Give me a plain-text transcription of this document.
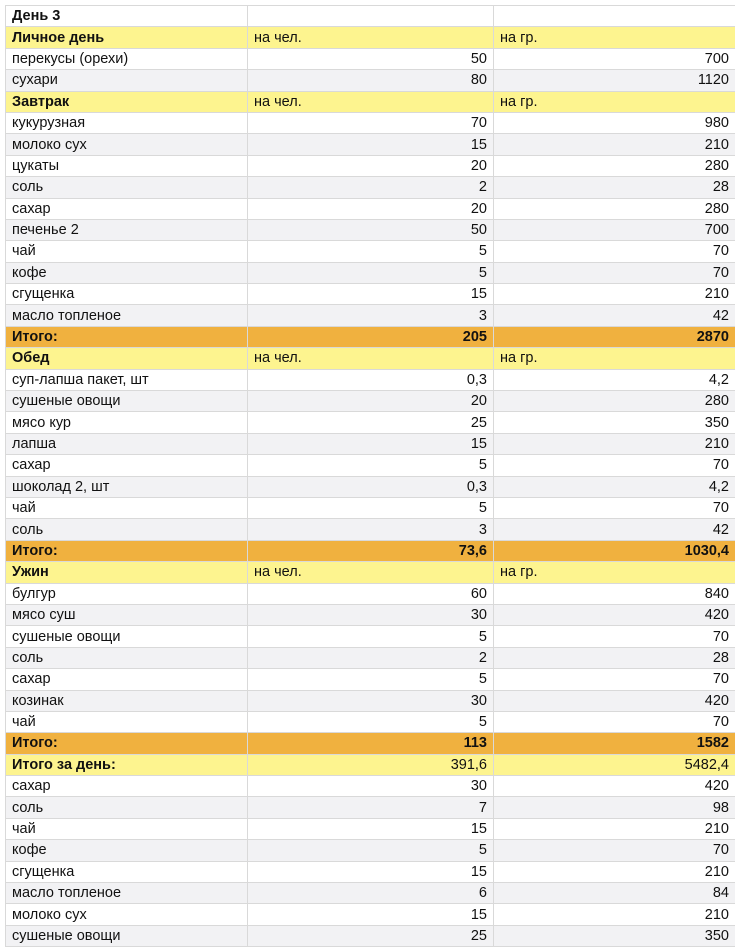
День 3		
Личное день	на чел.	на гр.
перекусы (орехи)	50	700
сухари	80	1120
Завтрак	на чел.	на гр.
кукурузная	70	980
молоко сух	15	210
цукаты	20	280
соль	2	28
сахар	20	280
печенье 2	50	700
чай	5	70
кофе	5	70
сгущенка	15	210
масло топленое	3	42
Итого:	205	2870
Обед	на чел.	на гр.
суп-лапша пакет, шт	0,3	4,2
сушеные овощи	20	280
мясо кур	25	350
лапша	15	210
сахар	5	70
шоколад 2, шт	0,3	4,2
чай	5	70
соль	3	42
Итого:	73,6	1030,4
Ужин	на чел.	на гр.
булгур	60	840
мясо суш	30	420
сушеные овощи	5	70
соль	2	28
сахар	5	70
козинак	30	420
чай	5	70
Итого:	113	1582
Итого за день:	391,6	5482,4
сахар	30	420
соль	7	98
чай	15	210
кофе	5	70
сгущенка	15	210
масло топленое	6	84
молоко сух	15	210
сушеные овощи	25	350
